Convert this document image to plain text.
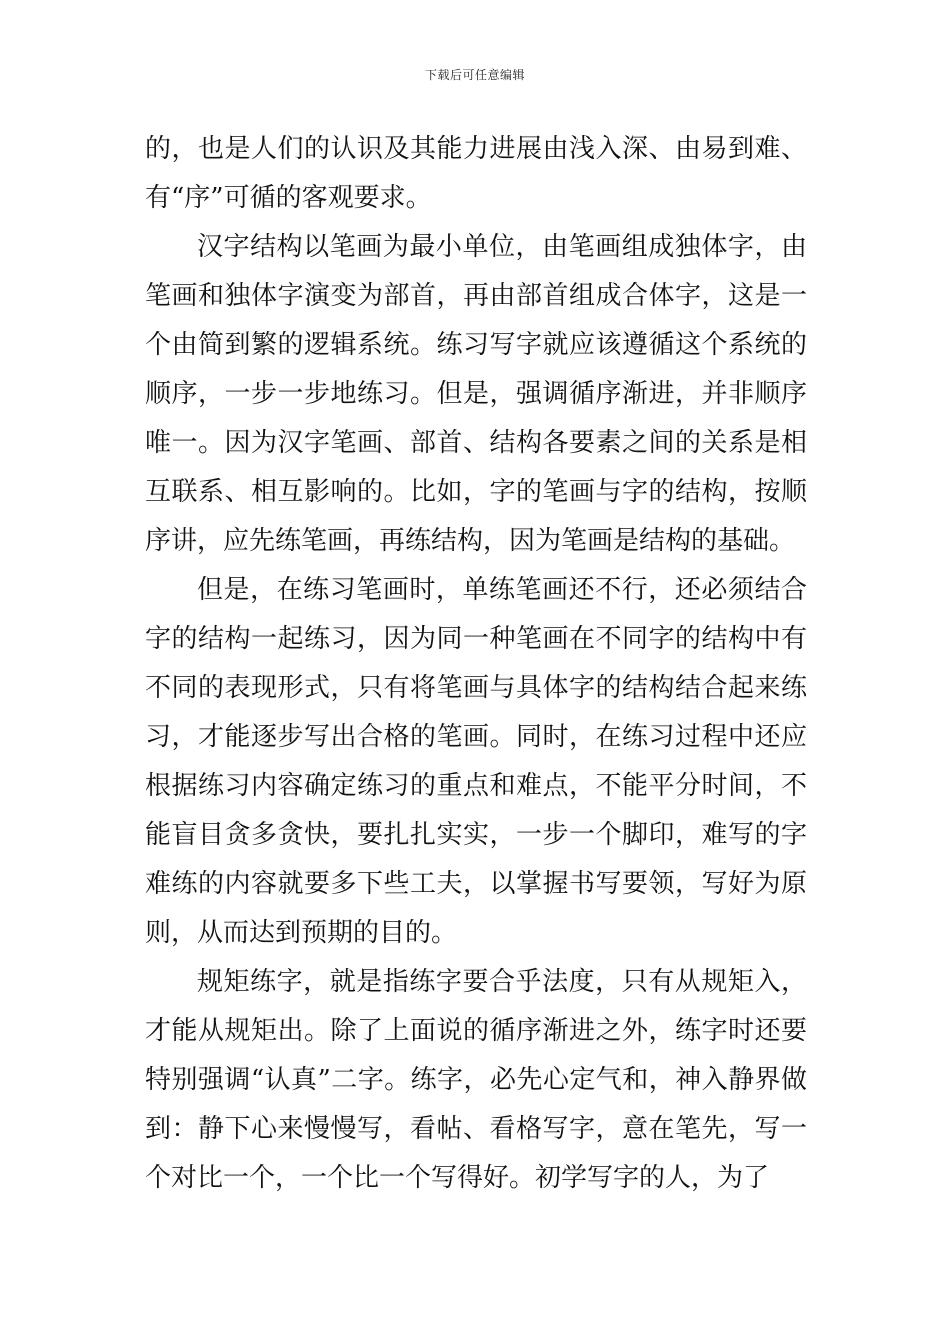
下载后可任意编辑

的，也是人们的认识及其能力进展由浅入深、由易到难、有“序”可循的客观要求。

汉字结构以笔画为最小单位，由笔画组成独体字，由笔画和独体字演变为部首，再由部首组成合体字，这是一个由简到繁的逻辑系统。练习写字就应该遵循这个系统的顺序，一步一步地练习。但是，强调循序渐进，并非顺序唯一。因为汉字笔画、部首、结构各要素之间的关系是相互联系、相互影响的。比如，字的笔画与字的结构，按顺序讲，应先练笔画，再练结构，因为笔画是结构的基础。

但是，在练习笔画时，单练笔画还不行，还必须结合字的结构一起练习，因为同一种笔画在不同字的结构中有不同的表现形式，只有将笔画与具体字的结构结合起来练习，才能逐步写出合格的笔画。同时，在练习过程中还应根据练习内容确定练习的重点和难点，不能平分时间，不能盲目贪多贪快，要扎扎实实，一步一个脚印，难写的字难练的内容就要多下些工夫，以掌握书写要领，写好为原则，从而达到预期的目的。

规矩练字，就是指练字要合乎法度，只有从规矩入，才能从规矩出。除了上面说的循序渐进之外，练字时还要特别强调“认真”二字。练字，必先心定气和，神入静界做到：静下心来慢慢写，看帖、看格写字，意在笔先，写一个对比一个，一个比一个写得好。初学写字的人，为了
